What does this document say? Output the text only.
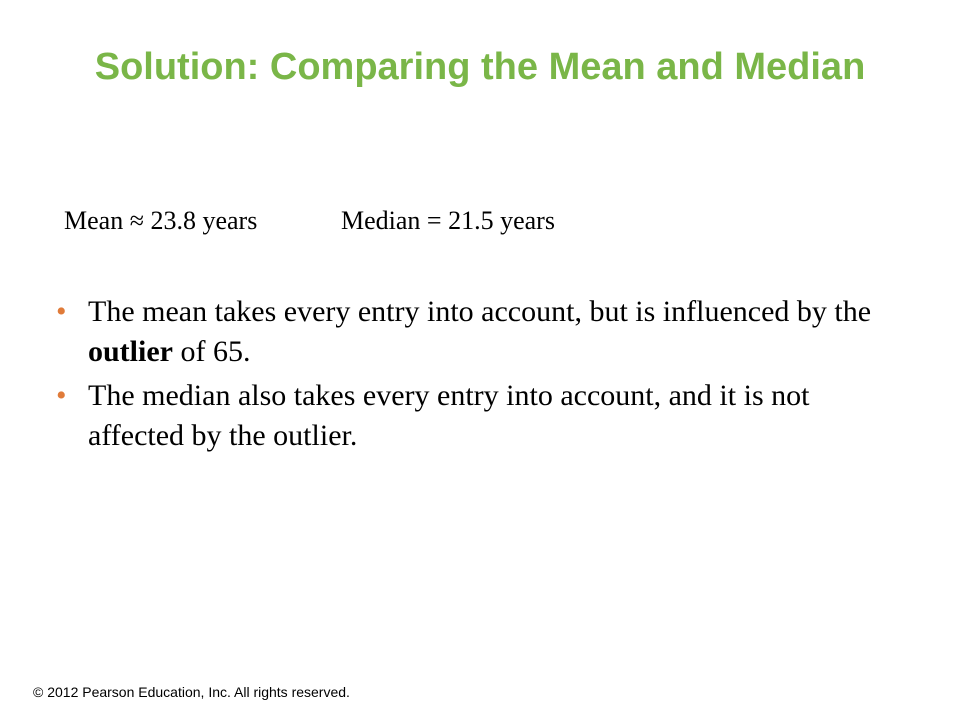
Solution: Comparing the Mean and Median
Mean ≈ 23.8 years	Median = 21.5 years
• The mean takes every entry into account, but is influenced by the outlier of 65.
• The median also takes every entry into account, and it is not affected by the outlier.
© 2012 Pearson Education, Inc. All rights reserved.
